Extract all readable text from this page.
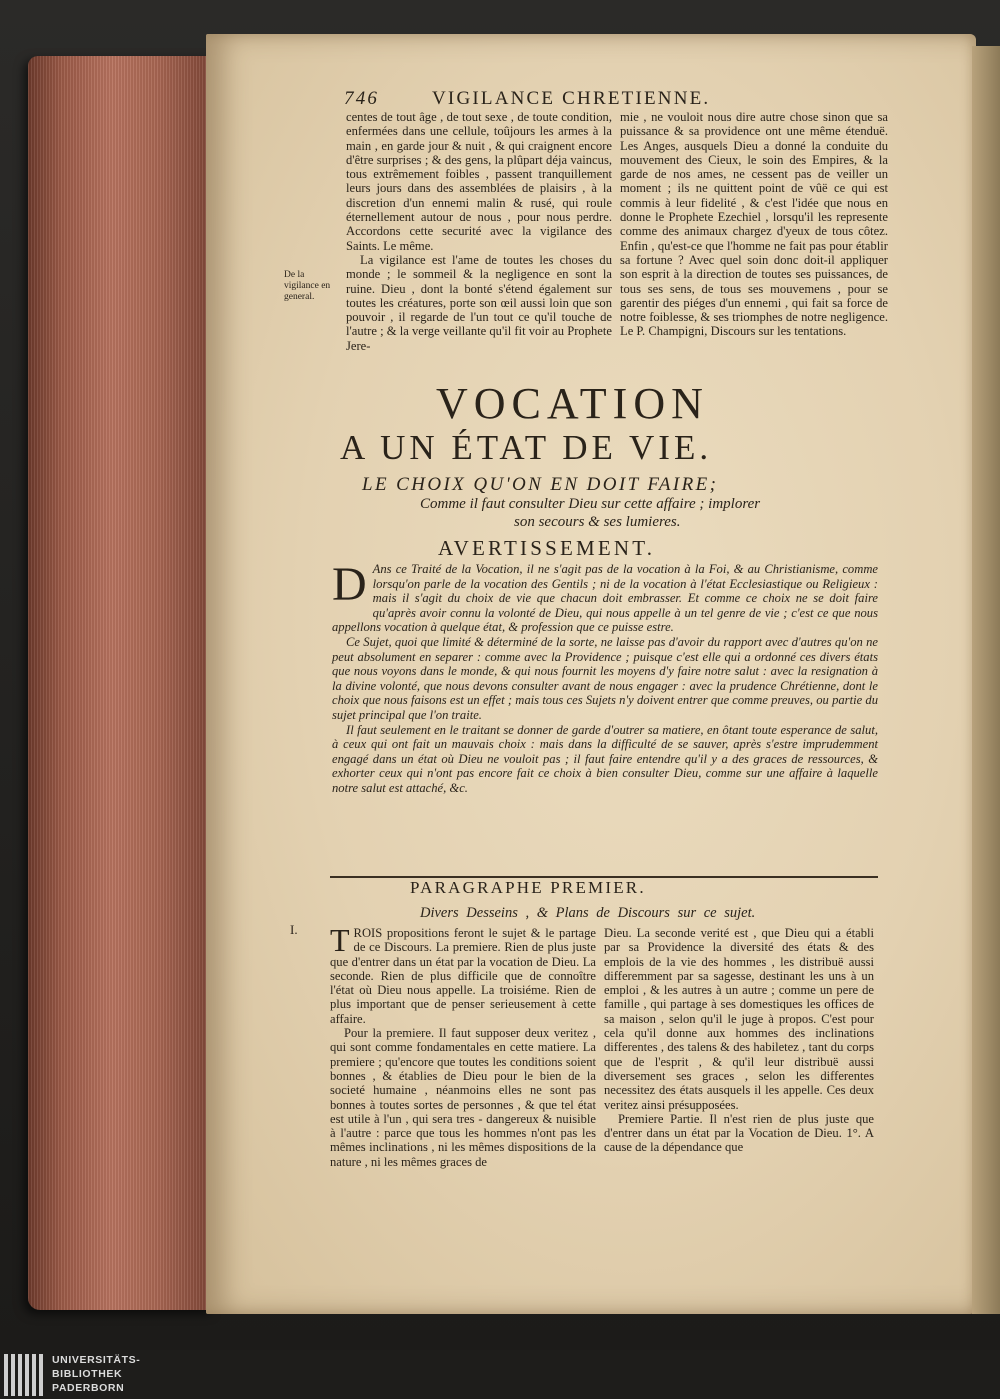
746	VIGILANCE CHRETIENNE.

centes de tout âge , de tout sexe , de toute condition, enfermées dans une cellule, toûjours les armes à la main , en garde jour & nuit , & qui craignent encore d'être surprises ; & des gens, la plûpart déja vaincus, tous extrêmement foibles , passent tranquillement leurs jours dans des assemblées de plaisirs , à la discretion d'un ennemi malin & rusé, qui roule éternellement autour de nous , pour nous perdre. Accordons cette securité avec la vigilance des Saints. Le même.

La vigilance est l'ame de toutes les choses du monde ; le sommeil & la negligence en sont la ruine. Dieu , dont la bonté s'étend également sur toutes les créatures, porte son œil aussi loin que son pouvoir , il regarde de l'un tout ce qu'il touche de l'autre ; & la verge veillante qu'il fit voir au Prophete Jere-

De la vigilance en general.

mie , ne vouloit nous dire autre chose sinon que sa puissance & sa providence ont une même étenduë. Les Anges, ausquels Dieu a donné la conduite du mouvement des Cieux, le soin des Empires, & la garde de nos ames, ne cessent pas de veiller un moment ; ils ne quittent point de vûë ce qui est commis à leur fidelité , & c'est l'idée que nous en donne le Prophete Ezechiel , lorsqu'il les represente comme des animaux chargez d'yeux de tous côtez. Enfin , qu'est-ce que l'homme ne fait pas pour établir sa fortune ? Avec quel soin donc doit-il appliquer son esprit à la direction de toutes ses puissances, de tous ses sens, de tous ses mouvemens , pour se garentir des piéges d'un ennemi , qui fait sa force de notre foiblesse, & ses triomphes de notre negligence. Le P. Champigni, Discours sur les tentations.

VOCATION
A UN ÉTAT DE VIE.
LE CHOIX QU'ON EN DOIT FAIRE;
Comme il faut consulter Dieu sur cette affaire ; implorer
son secours & ses lumieres.
AVERTISSEMENT.

D Ans ce Traité de la Vocation, il ne s'agit pas de la vocation à la Foi, & au Christianisme, comme lorsqu'on parle de la vocation des Gentils ; ni de la vocation à l'état Ecclesiastique ou Religieux : mais il s'agit du choix de vie que chacun doit embrasser. Et comme ce choix ne se doit faire qu'après avoir connu la volonté de Dieu, qui nous appelle à un tel genre de vie ; c'est ce que nous appellons vocation à quelque état, & profession que ce puisse estre.

Ce Sujet, quoi que limité & déterminé de la sorte, ne laisse pas d'avoir du rapport avec d'autres qu'on ne peut absolument en separer : comme avec la Providence ; puisque c'est elle qui a ordonné ces divers états que nous voyons dans le monde, & qui nous fournit les moyens d'y faire notre salut : avec la resignation à la divine volonté, que nous devons consulter avant de nous engager : avec la prudence Chrétienne, dont le choix que nous faisons est un effet ; mais tous ces Sujets n'y doivent entrer que comme preuves, ou partie du sujet principal que l'on traite.

Il faut seulement en le traitant se donner de garde d'outrer sa matiere, en ôtant toute esperance de salut, à ceux qui ont fait un mauvais choix : mais dans la difficulté de se sauver, après s'estre imprudemment engagé dans un état où Dieu ne vouloit pas ; il faut faire entendre qu'il y a des graces de ressources, & exhorter ceux qui n'ont pas encore fait ce choix à bien consulter Dieu, comme sur une affaire à laquelle notre salut est attaché, &c.

PARAGRAPHE PREMIER.
Divers Desseins , & Plans de Discours sur ce sujet.
I. TROIS propositions feront le sujet & le partage de ce Discours. La premiere. Rien de plus juste que d'entrer dans un état par la vocation de Dieu. La seconde. Rien de plus difficile que de connoître l'état où Dieu nous appelle. La troisiéme. Rien de plus important que de penser serieusement à cette affaire.

Pour la premiere. Il faut supposer deux veritez , qui sont comme fondamentales en cette matiere. La premiere ; qu'encore que toutes les conditions soient bonnes , & établies de Dieu pour le bien de la societé humaine , néanmoins elles ne sont pas bonnes à toutes sortes de personnes , & que tel état est utile à l'un , qui sera tres - dangereux & nuisible à l'autre : parce que tous les hommes n'ont pas les mêmes inclinations , ni les mêmes dispositions de la nature , ni les mêmes graces de

Dieu. La seconde verité est , que Dieu qui a établi par sa Providence la diversité des états & des emplois de la vie des hommes , les distribuë aussi differemment par sa sagesse, destinant les uns à un emploi , & les autres à un autre ; comme un pere de famille , qui partage à ses domestiques les offices de sa maison , selon qu'il le juge à propos. C'est pour cela qu'il donne aux hommes des inclinations differentes , des talens & des habiletez , tant du corps que de l'esprit , & qu'il leur distribuë aussi diversement ses graces , selon les differentes necessitez des états ausquels il les appelle. Ces deux veritez ainsi présupposées.

Premiere Partie. Il n'est rien de plus juste que d'entrer dans un état par la Vocation de Dieu. 1°. A cause de la dépendance que

UNIVERSITÄTS-
BIBLIOTHEK
PADERBORN
